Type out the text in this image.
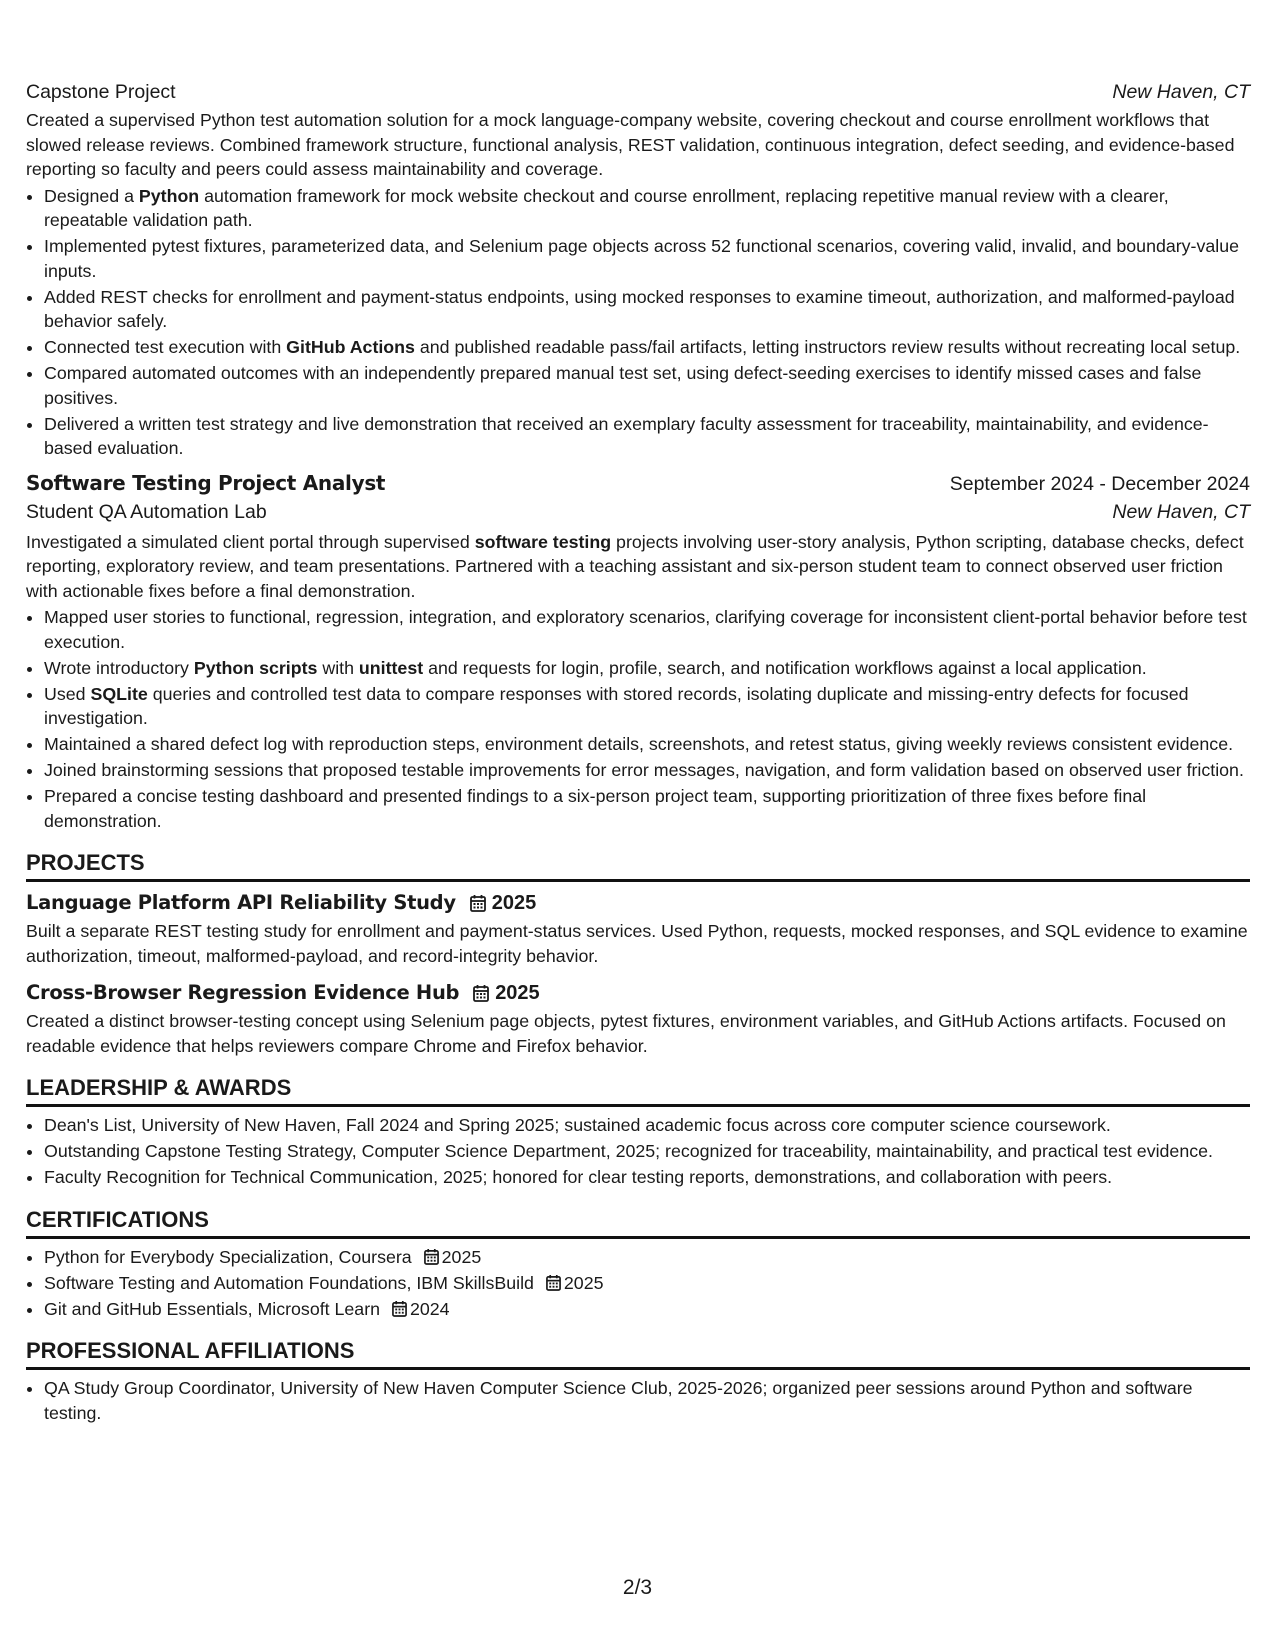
Capstone Project	New Haven, CT

Created a supervised Python test automation solution for a mock language-company website, covering checkout and course enrollment workflows that slowed release reviews. Combined framework structure, functional analysis, REST validation, continuous integration, defect seeding, and evidence-based reporting so faculty and peers could assess maintainability and coverage.

• Designed a Python automation framework for mock website checkout and course enrollment, replacing repetitive manual review with a clearer, repeatable validation path.
• Implemented pytest fixtures, parameterized data, and Selenium page objects across 52 functional scenarios, covering valid, invalid, and boundary-value inputs.
• Added REST checks for enrollment and payment-status endpoints, using mocked responses to examine timeout, authorization, and malformed-payload behavior safely.
• Connected test execution with GitHub Actions and published readable pass/fail artifacts, letting instructors review results without recreating local setup.
• Compared automated outcomes with an independently prepared manual test set, using defect-seeding exercises to identify missed cases and false positives.
• Delivered a written test strategy and live demonstration that received an exemplary faculty assessment for traceability, maintainability, and evidence-based evaluation.
Software Testing Project Analyst	September 2024 - December 2024
Student QA Automation Lab	New Haven, CT

Investigated a simulated client portal through supervised software testing projects involving user-story analysis, Python scripting, database checks, defect reporting, exploratory review, and team presentations. Partnered with a teaching assistant and six-person student team to connect observed user friction with actionable fixes before a final demonstration.

• Mapped user stories to functional, regression, integration, and exploratory scenarios, clarifying coverage for inconsistent client-portal behavior before test execution.
• Wrote introductory Python scripts with unittest and requests for login, profile, search, and notification workflows against a local application.
• Used SQLite queries and controlled test data to compare responses with stored records, isolating duplicate and missing-entry defects for focused investigation.
• Maintained a shared defect log with reproduction steps, environment details, screenshots, and retest status, giving weekly reviews consistent evidence.
• Joined brainstorming sessions that proposed testable improvements for error messages, navigation, and form validation based on observed user friction.
• Prepared a concise testing dashboard and presented findings to a six-person project team, supporting prioritization of three fixes before final demonstration.
PROJECTS
Language Platform API Reliability Study 2025

Built a separate REST testing study for enrollment and payment-status services. Used Python, requests, mocked responses, and SQL evidence to examine authorization, timeout, malformed-payload, and record-integrity behavior.

Cross-Browser Regression Evidence Hub 2025

Created a distinct browser-testing concept using Selenium page objects, pytest fixtures, environment variables, and GitHub Actions artifacts. Focused on readable evidence that helps reviewers compare Chrome and Firefox behavior.

LEADERSHIP & AWARDS
• Dean's List, University of New Haven, Fall 2024 and Spring 2025; sustained academic focus across core computer science coursework.
• Outstanding Capstone Testing Strategy, Computer Science Department, 2025; recognized for traceability, maintainability, and practical test evidence.
• Faculty Recognition for Technical Communication, 2025; honored for clear testing reports, demonstrations, and collaboration with peers.
CERTIFICATIONS
• Python for Everybody Specialization, Coursera 2025
• Software Testing and Automation Foundations, IBM SkillsBuild 2025
• Git and GitHub Essentials, Microsoft Learn 2024
PROFESSIONAL AFFILIATIONS
• QA Study Group Coordinator, University of New Haven Computer Science Club, 2025-2026; organized peer sessions around Python and software testing.
2/3
